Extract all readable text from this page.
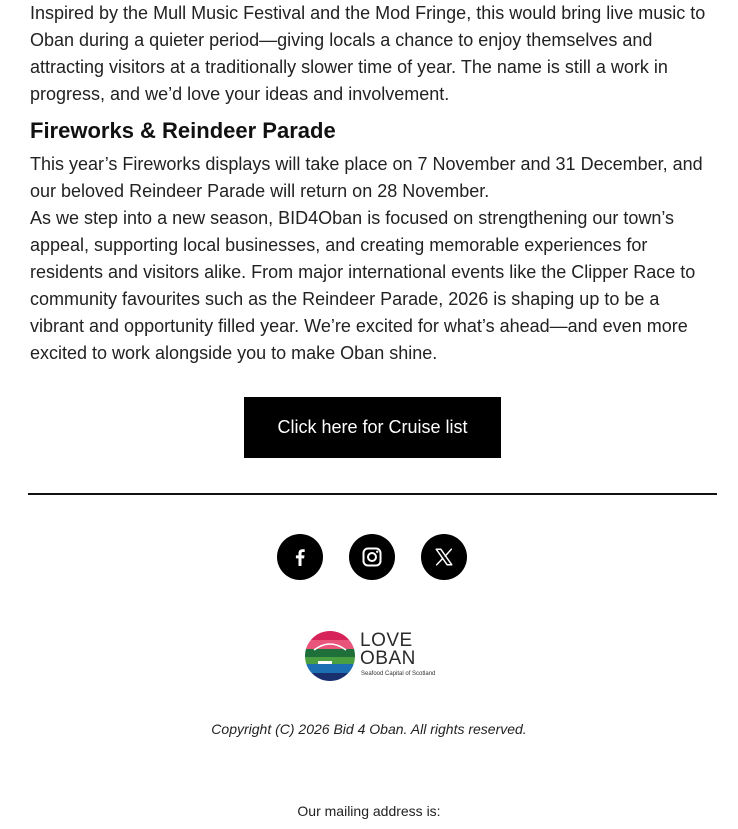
Inspired by the Mull Music Festival and the Mod Fringe, this would bring live music to Oban during a quieter period—giving locals a chance to enjoy themselves and attracting visitors at a traditionally slower time of year. The name is still a work in progress, and we’d love your ideas and involvement.

Fireworks & Reindeer Parade

This year’s Fireworks displays will take place on 7 November and 31 December, and our beloved Reindeer Parade will return on 28 November.

As we step into a new season, BID4Oban is focused on strengthening our town’s appeal, supporting local businesses, and creating memorable experiences for residents and visitors alike. From major international events like the Clipper Race to community favourites such as the Reindeer Parade, 2026 is shaping up to be a vibrant and opportunity filled year. We’re excited for what’s ahead—and even more excited to work alongside you to make Oban shine.

Click here for Cruise list
LOVE
OBAN
Seafood Capital of Scotland
Copyright (C) 2026 Bid 4 Oban. All rights reserved.
Our mailing address is:
